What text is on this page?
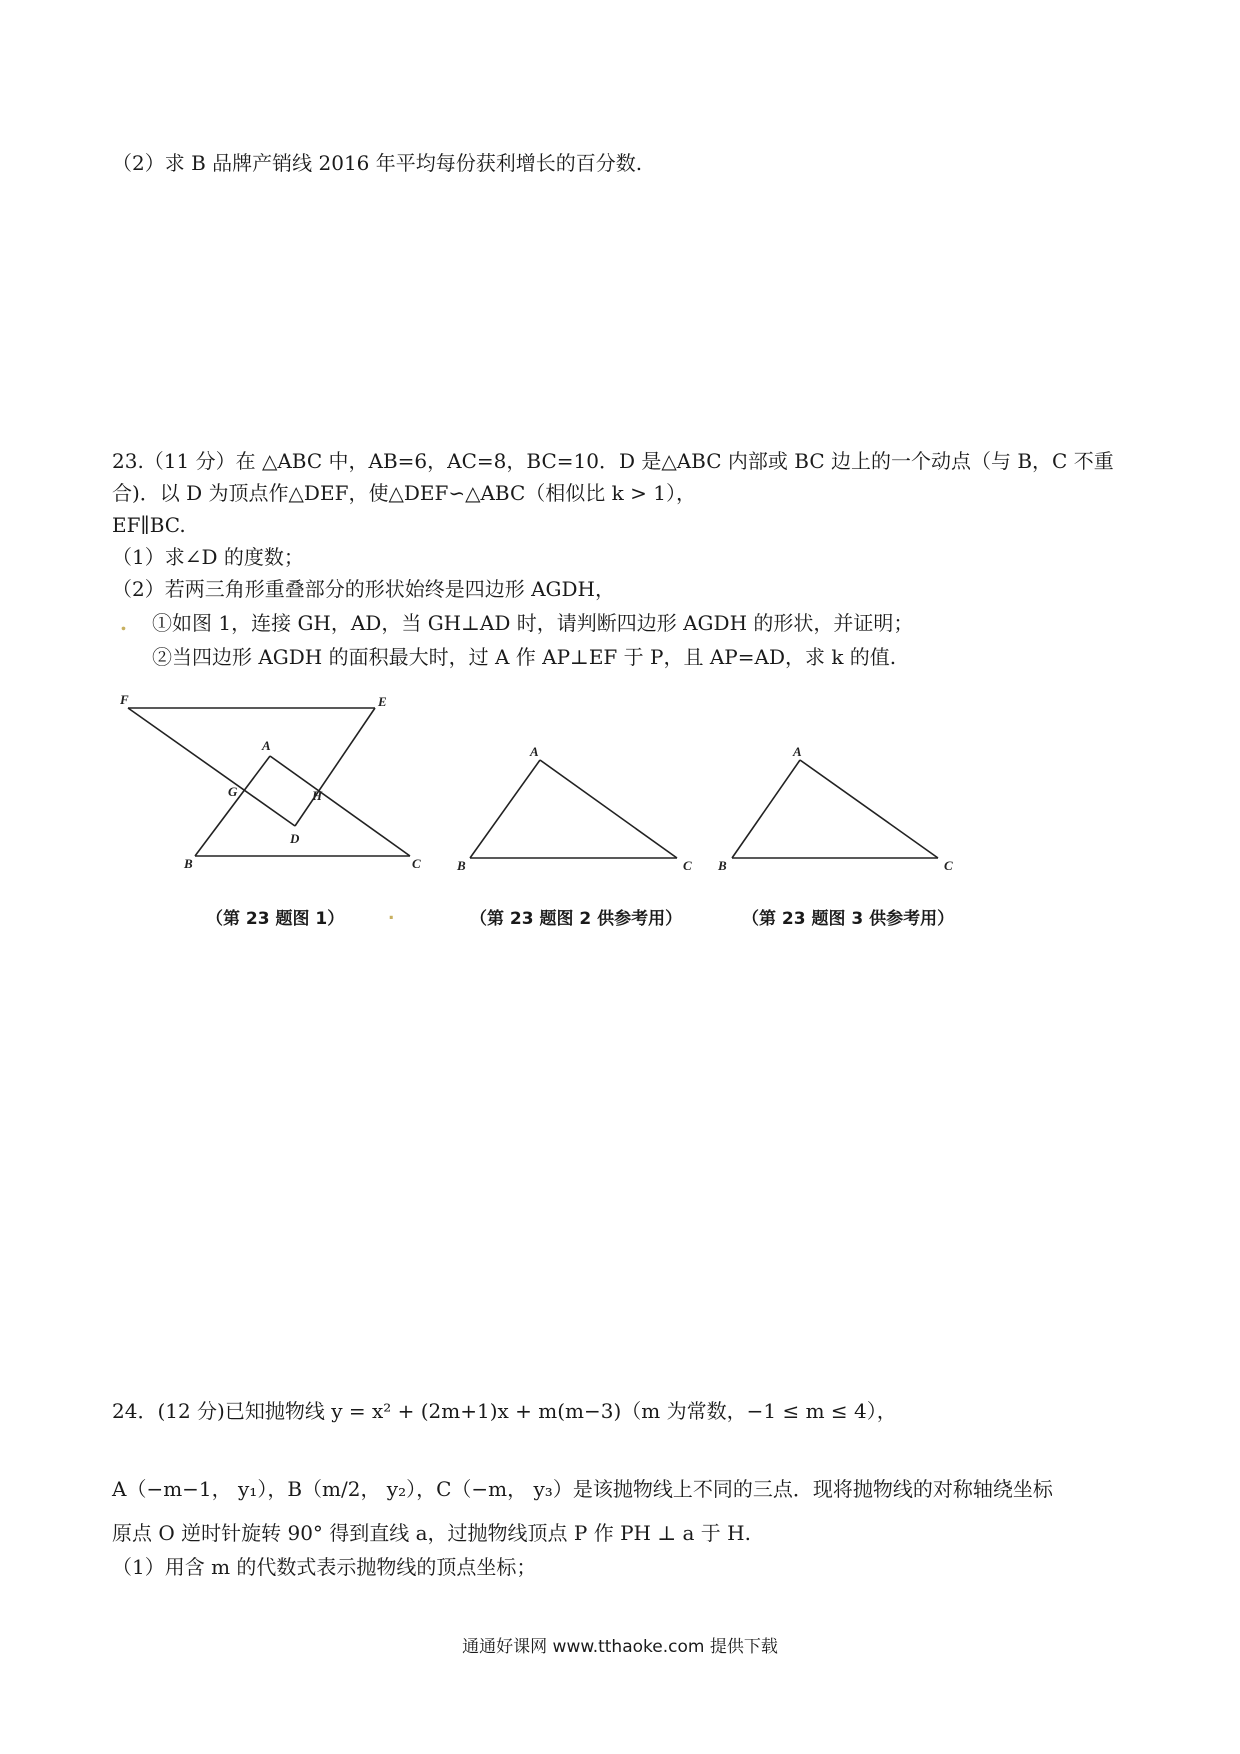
（2）求 B 品牌产销线 2016 年平均每份获利增长的百分数.
23.（11 分）在 △ABC 中，AB=6，AC=8，BC=10．D 是△ABC 内部或 BC 边上的一个动点（与 B，C 不重
合)．以 D 为顶点作△DEF，使△DEF∽△ABC（相似比 k > 1），
EF∥BC.
（1）求∠D 的度数；
（2）若两三角形重叠部分的形状始终是四边形 AGDH，
. ①如图 1，连接 GH，AD，当 GH⊥AD 时，请判断四边形 AGDH 的形状，并证明；
②当四边形 AGDH 的面积最大时，过 A 作 AP⊥EF 于 P，且 AP=AD，求 k 的值.
F	E
A
G	H
D
B	C
A
B	C
A
B	C
（第 23 题图 1）	.	（第 23 题图 2 供参考用）	（第 23 题图 3 供参考用）
24．(12 分)已知抛物线 y = x² + (2m+1)x + m(m−3)（m 为常数，−1 ≤ m ≤ 4），
A（−m−1， y₁），B（m/2， y₂），C（−m， y₃）是该抛物线上不同的三点．现将抛物线的对称轴绕坐标
原点 O 逆时针旋转 90° 得到直线 a，过抛物线顶点 P 作 PH ⊥ a 于 H.
（1）用含 m 的代数式表示抛物线的顶点坐标；
通通好课网 www.tthaoke.com 提供下载
